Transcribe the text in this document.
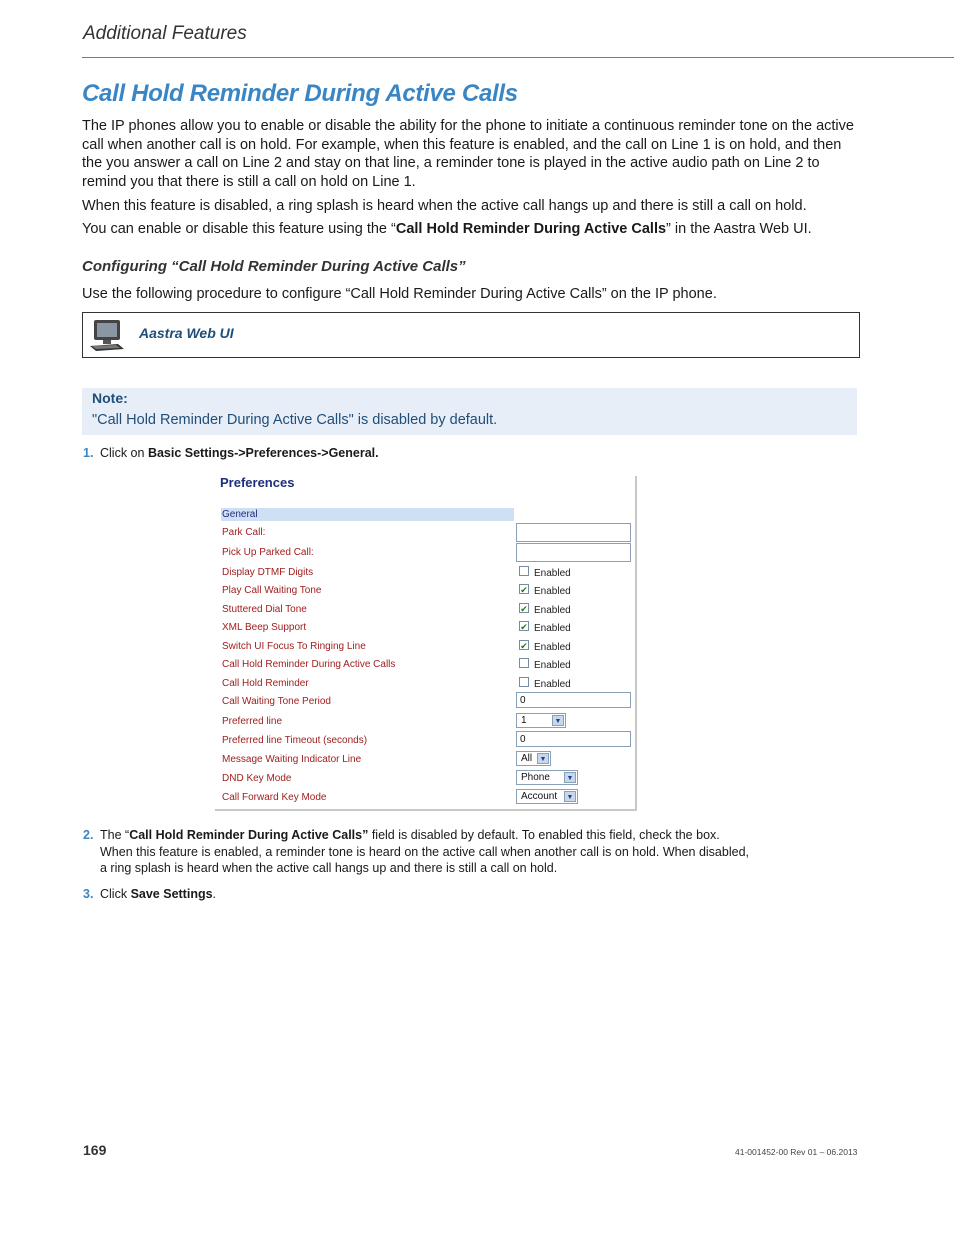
Additional Features
Call Hold Reminder During Active Calls
The IP phones allow you to enable or disable the ability for the phone to initiate a continuous reminder tone on the active call when another call is on hold. For example, when this feature is enabled, and the call on Line 1 is on hold, and then the you answer a call on Line 2 and stay on that line, a reminder tone is played in the active audio path on Line 2 to remind you that there is still a call on hold on Line 1.
When this feature is disabled, a ring splash is heard when the active call hangs up and there is still a call on hold.
You can enable or disable this feature using the “Call Hold Reminder During Active Calls” in the Aastra Web UI.
Configuring “Call Hold Reminder During Active Calls”
Use the following procedure to configure “Call Hold Reminder During Active Calls” on the IP phone.
Aastra Web UI
Note:
"Call Hold Reminder During Active Calls" is disabled by default.
1. Click on Basic Settings->Preferences->General.
Preferences
General
Park Call:
Pick Up Parked Call:
Display DTMF Digits	Enabled
Play Call Waiting Tone	✔ Enabled
Stuttered Dial Tone	✔ Enabled
XML Beep Support	✔ Enabled
Switch UI Focus To Ringing Line	✔ Enabled
Call Hold Reminder During Active Calls	Enabled
Call Hold Reminder	Enabled
Call Waiting Tone Period	0
Preferred line	1	▼
Preferred line Timeout (seconds)	0
Message Waiting Indicator Line	All	▼
DND Key Mode	Phone	▼
Call Forward Key Mode	Account	▼
2. The “Call Hold Reminder During Active Calls” field is disabled by default. To enabled this field, check the box.
When this feature is enabled, a reminder tone is heard on the active call when another call is on hold. When disabled,
a ring splash is heard when the active call hangs up and there is still a call on hold.
3. Click Save Settings.
169	41-001452-00 Rev 01 – 06.2013
